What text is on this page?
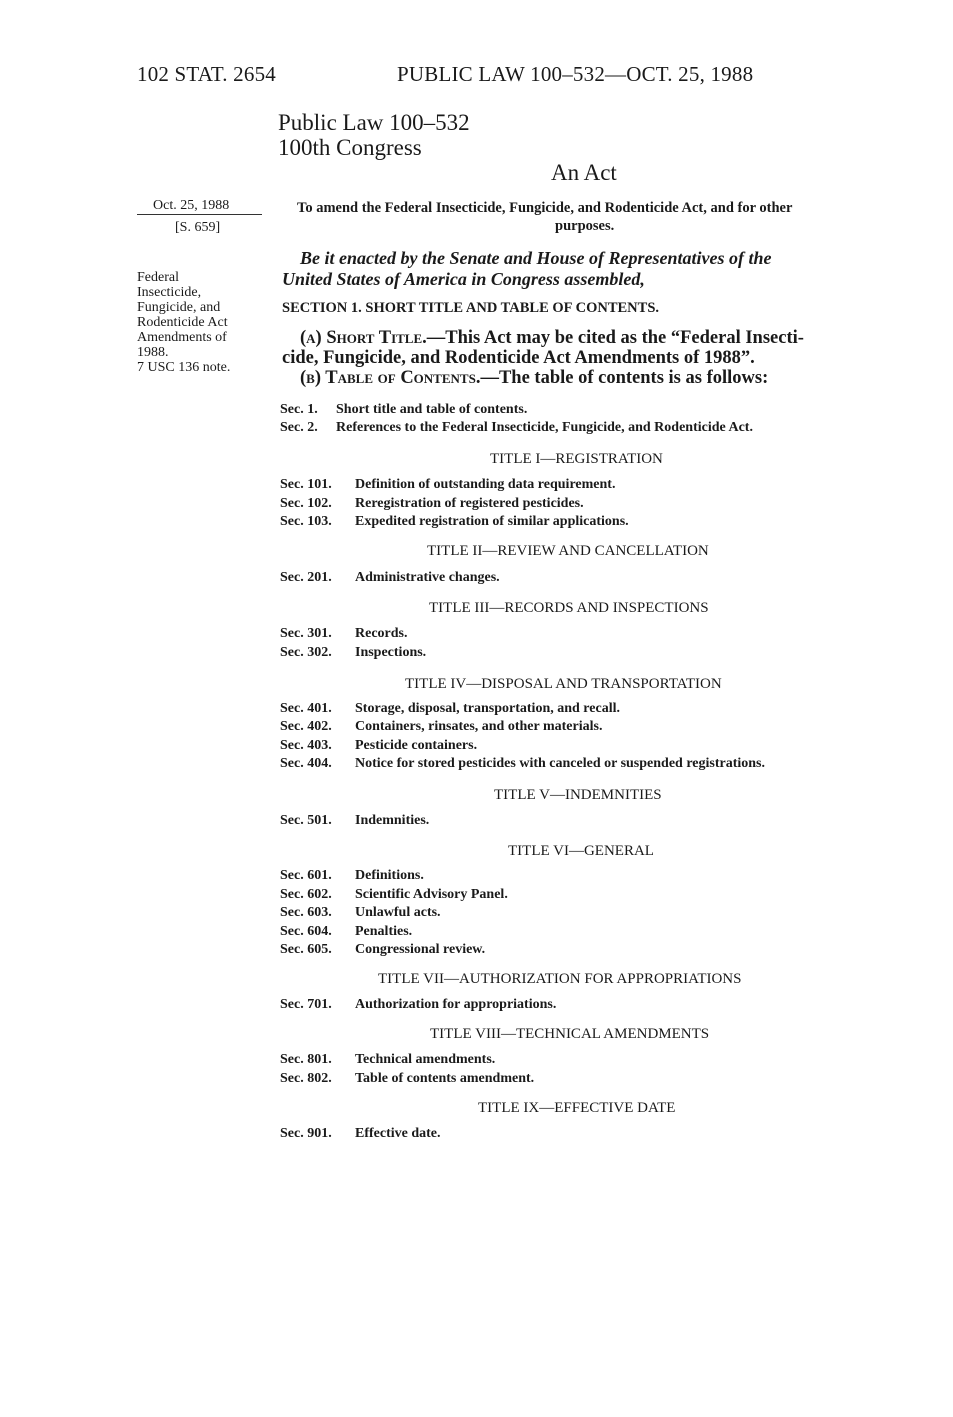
102 STAT. 2654	PUBLIC LAW 100–532—OCT. 25, 1988
Public Law 100–532
100th Congress
An Act
Oct. 25, 1988
[S. 659]
Federal
Insecticide,
Fungicide, and
Rodenticide Act
Amendments of
1988.
7 USC 136 note.
To amend the Federal Insecticide, Fungicide, and Rodenticide Act, and for other
purposes.
Be it enacted by the Senate and House of Representatives of the
United States of America in Congress assembled,
SECTION 1. SHORT TITLE AND TABLE OF CONTENTS.
(a) Short Title.—This Act may be cited as the “Federal Insecti-
cide, Fungicide, and Rodenticide Act Amendments of 1988”.
(b) Table of Contents.—The table of contents is as follows:
Sec. 1. Short title and table of contents.
Sec. 2. References to the Federal Insecticide, Fungicide, and Rodenticide Act.
TITLE I—REGISTRATION
Sec. 101. Definition of outstanding data requirement.
Sec. 102. Reregistration of registered pesticides.
Sec. 103. Expedited registration of similar applications.
TITLE II—REVIEW AND CANCELLATION
Sec. 201. Administrative changes.
TITLE III—RECORDS AND INSPECTIONS
Sec. 301. Records.
Sec. 302. Inspections.
TITLE IV—DISPOSAL AND TRANSPORTATION
Sec. 401. Storage, disposal, transportation, and recall.
Sec. 402. Containers, rinsates, and other materials.
Sec. 403. Pesticide containers.
Sec. 404. Notice for stored pesticides with canceled or suspended registrations.
TITLE V—INDEMNITIES
Sec. 501. Indemnities.
TITLE VI—GENERAL
Sec. 601. Definitions.
Sec. 602. Scientific Advisory Panel.
Sec. 603. Unlawful acts.
Sec. 604. Penalties.
Sec. 605. Congressional review.
TITLE VII—AUTHORIZATION FOR APPROPRIATIONS
Sec. 701. Authorization for appropriations.
TITLE VIII—TECHNICAL AMENDMENTS
Sec. 801. Technical amendments.
Sec. 802. Table of contents amendment.
TITLE IX—EFFECTIVE DATE
Sec. 901. Effective date.
